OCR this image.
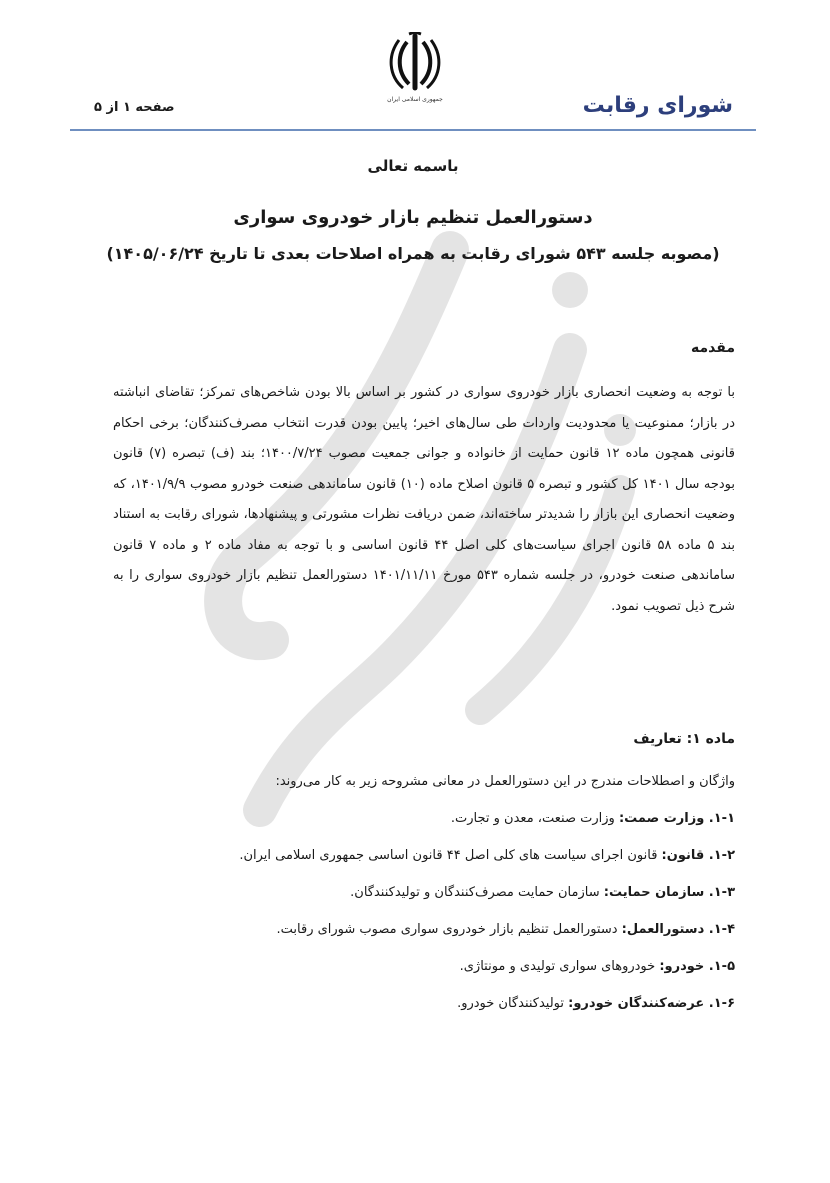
جمهوری اسلامی ایران	شورای رقابت
صفحه ۱ از ۵
باسمه تعالی
دستورالعمل تنظیم بازار خودروی سواری
(مصوبه جلسه ۵۴۳ شورای رقابت به همراه اصلاحات بعدی تا تاریخ ۱۴۰۵/۰۶/۲۴)
مقدمه

با توجه به وضعیت انحصاری بازار خودروی سواری در کشور بر اساس بالا بودن شاخص‌های تمرکز؛ تقاضای انباشته در بازار؛ ممنوعیت یا محدودیت واردات طی سال‌های اخیر؛ پایین بودن قدرت انتخاب مصرف‌کنندگان؛ برخی احکام قانونی همچون ماده ۱۲ قانون حمایت از خانواده و جوانی جمعیت مصوب ۱۴۰۰/۷/۲۴؛ بند (ف) تبصره (۷) قانون بودجه سال ۱۴۰۱ کل کشور و تبصره ۵ قانون اصلاح ماده (۱۰) قانون ساماندهی صنعت خودرو مصوب ۱۴۰۱/۹/۹، که وضعیت انحصاری این بازار را شدیدتر ساخته‌اند، ضمن دریافت نظرات مشورتی و پیشنهادها، شورای رقابت به استناد بند ۵ ماده ۵۸ قانون اجرای سیاست‌های کلی اصل ۴۴ قانون اساسی و با توجه به مفاد ماده ۲ و ماده ۷ قانون ساماندهی صنعت خودرو، در جلسه شماره ۵۴۳ مورخ ۱۴۰۱/۱۱/۱۱ دستورالعمل تنظیم بازار خودروی سواری را به شرح ذیل تصویب نمود.

ماده ۱: تعاریف

واژگان و اصطلاحات مندرج در این دستورالعمل در معانی مشروحه زیر به کار می‌روند:

۱-۱. وزارت صمت: وزارت صنعت، معدن و تجارت.

۱-۲. قانون: قانون اجرای سیاست های کلی اصل ۴۴ قانون اساسی جمهوری اسلامی ایران.

۱-۳. سازمان حمایت: سازمان حمایت مصرف‌کنندگان و تولیدکنندگان.

۱-۴. دستورالعمل: دستورالعمل تنظیم بازار خودروی سواری مصوب شورای رقابت.

۱-۵. خودرو: خودروهای سواری تولیدی و مونتاژی.

۱-۶. عرضه‌کنندگان خودرو: تولیدکنندگان خودرو.
